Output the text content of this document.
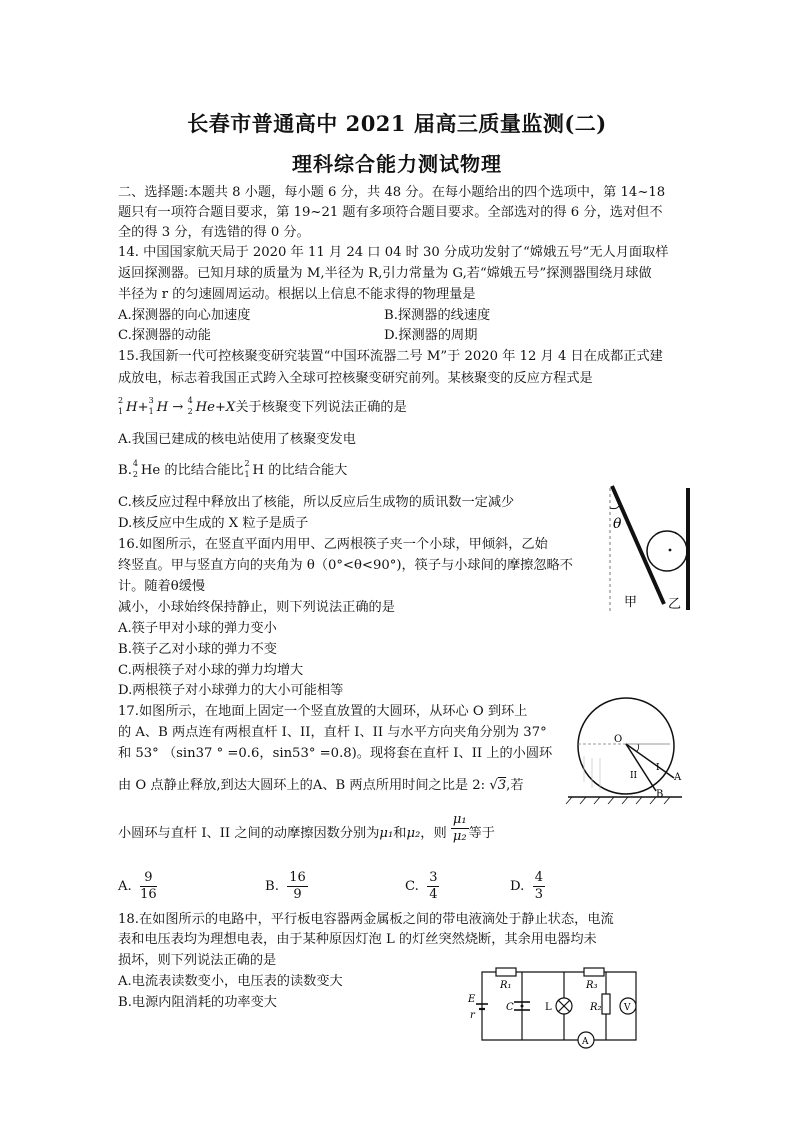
长春市普通高中 2021 届高三质量监测(二)
理科综合能力测试物理
二、选择题:本题共 8 小题，每小题 6 分，共 48 分。在每小题给出的四个选项中，第 14~18
题只有一项符合题目要求，第 19~21 题有多项符合题目要求。全部选对的得 6 分，选对但不
全的得 3 分，有选错的得 0 分。
14. 中国国家航天局于 2020 年 11 月 24 口 04 时 30 分成功发射了“嫦娥五号”无人月面取样
返回探测器。已知月球的质量为 M,半径为 R,引力常量为 G,若“嫦娥五号”探测器围绕月球做
半径为 r 的匀速圆周运动。根据以上信息不能求得的物理量是
A.探测器的向心加速度	B.探测器的线速度
C.探测器的动能	D.探测器的周期
15.我国新一代可控核聚变研究装置“中国环流器二号 M”于 2020 年 12 月 4 日在成都正式建
成放电，标志着我国正式跨入全球可控核聚变研究前列。某核聚变的反应方程式是
2
1 H+ 3
1 H → 4
2 He+X关于核聚变下列说法正确的是
A.我国已建成的核电站使用了核聚变发电
B. 4
2 He 的比结合能比 2
1 H 的比结合能大
C.核反应过程中释放出了核能，所以反应后生成物的质讯数一定减少
D.核反应中生成的 X 粒子是质子
16.如图所示，在竖直平面内用甲、乙两根筷子夹一个小球，甲倾斜，乙始
终竖直。甲与竖直方向的夹角为 θ（0°<θ<90°)，筷子与小球间的摩擦忽略不
计。随着θ缓慢
减小，小球始终保持静止，则下列说法正确的是
A.筷子甲对小球的弹力变小
B.筷子乙对小球的弹力不变
C.两根筷子对小球的弹力均增大
D.两根筷子对小球弹力的大小可能相等
θ
甲 乙
17.如图所示，在地面上固定一个竖直放置的大圆环，从环心 O 到环上
的 A、B 两点连有两根直杆 I、II，直杆 I、II 与水平方向夹角分别为 37°
和 53° （sin37 ° =0.6，sin53° =0.8)。现将套在直杆 I、II 上的小圆环
由 O 点静止释放,到达大圆环上的A、B 两点所用时间之比是 2: √3,若
小圆环与直杆 I、II 之间的动摩擦因数分别为μ₁和μ₂，则 $\frac{\text{μ₁}}{\text{μ₂}}$ 等于
A. $\frac{9}{16}$	B. $\frac{16}{9}$	C. $\frac{3}{4}$	D. $\frac{4}{3}$
O
I
II	A
B
18.在如图所示的电路中，平行板电容器两金属板之间的带电液滴处于静止状态，电流
表和电压表均为理想电表，由于某种原因灯泡 L 的灯丝突然烧断，其余用电器均未
损坏，则下列说法正确的是
A.电流表读数变小，电压表的读数变大
B.电源内阻消耗的功率变大
R₁	R₃
R₂
C
E
r
L	V
A
